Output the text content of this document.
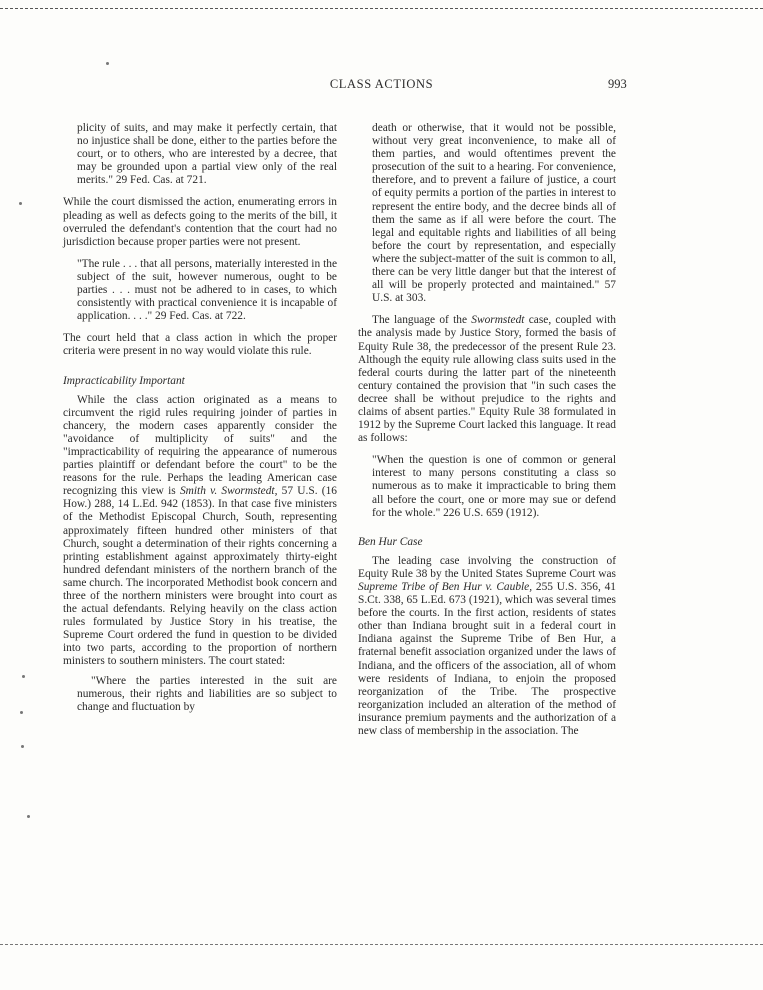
CLASS ACTIONS	993

plicity of suits, and may make it perfectly certain, that no injustice shall be done, either to the parties before the court, or to others, who are interested by a decree, that may be grounded upon a partial view only of the real merits." 29 Fed. Cas. at 721.

While the court dismissed the action, enumerating errors in pleading as well as defects going to the merits of the bill, it overruled the defendant's contention that the court had no jurisdiction because proper parties were not present.

"The rule . . . that all persons, materially interested in the subject of the suit, however numerous, ought to be parties . . . must not be adhered to in cases, to which consistently with practical convenience it is incapable of application. . . ." 29 Fed. Cas. at 722.

The court held that a class action in which the proper criteria were present in no way would violate this rule.

Impracticability Important

While the class action originated as a means to circumvent the rigid rules requiring joinder of parties in chancery, the modern cases apparently consider the "avoidance of multiplicity of suits" and the "impracticability of requiring the appearance of numerous parties plaintiff or defendant before the court" to be the reasons for the rule. Perhaps the leading American case recognizing this view is Smith v. Swormstedt, 57 U.S. (16 How.) 288, 14 L.Ed. 942 (1853). In that case five ministers of the Methodist Episcopal Church, South, representing approximately fifteen hundred other ministers of that Church, sought a determination of their rights concerning a printing establishment against approximately thirty-eight hundred defendant ministers of the northern branch of the same church. The incorporated Methodist book concern and three of the northern ministers were brought into court as the actual defendants. Relying heavily on the class action rules formulated by Justice Story in his treatise, the Supreme Court ordered the fund in question to be divided into two parts, according to the proportion of northern ministers to southern ministers. The court stated:

"Where the parties interested in the suit are numerous, their rights and liabilities are so subject to change and fluctuation by

death or otherwise, that it would not be possible, without very great inconvenience, to make all of them parties, and would oftentimes prevent the prosecution of the suit to a hearing. For convenience, therefore, and to prevent a failure of justice, a court of equity permits a portion of the parties in interest to represent the entire body, and the decree binds all of them the same as if all were before the court. The legal and equitable rights and liabilities of all being before the court by representation, and especially where the subject-matter of the suit is common to all, there can be very little danger but that the interest of all will be properly protected and maintained." 57 U.S. at 303.

The language of the Swormstedt case, coupled with the analysis made by Justice Story, formed the basis of Equity Rule 38, the predecessor of the present Rule 23. Although the equity rule allowing class suits used in the federal courts during the latter part of the nineteenth century contained the provision that "in such cases the decree shall be without prejudice to the rights and claims of absent parties." Equity Rule 38 formulated in 1912 by the Supreme Court lacked this language. It read as follows:

"When the question is one of common or general interest to many persons constituting a class so numerous as to make it impracticable to bring them all before the court, one or more may sue or defend for the whole." 226 U.S. 659 (1912).

Ben Hur Case

The leading case involving the construction of Equity Rule 38 by the United States Supreme Court was Supreme Tribe of Ben Hur v. Cauble, 255 U.S. 356, 41 S.Ct. 338, 65 L.Ed. 673 (1921), which was several times before the courts. In the first action, residents of states other than Indiana brought suit in a federal court in Indiana against the Supreme Tribe of Ben Hur, a fraternal benefit association organized under the laws of Indiana, and the officers of the association, all of whom were residents of Indiana, to enjoin the proposed reorganization of the Tribe. The prospective reorganization included an alteration of the method of insurance premium payments and the authorization of a new class of membership in the association. The
